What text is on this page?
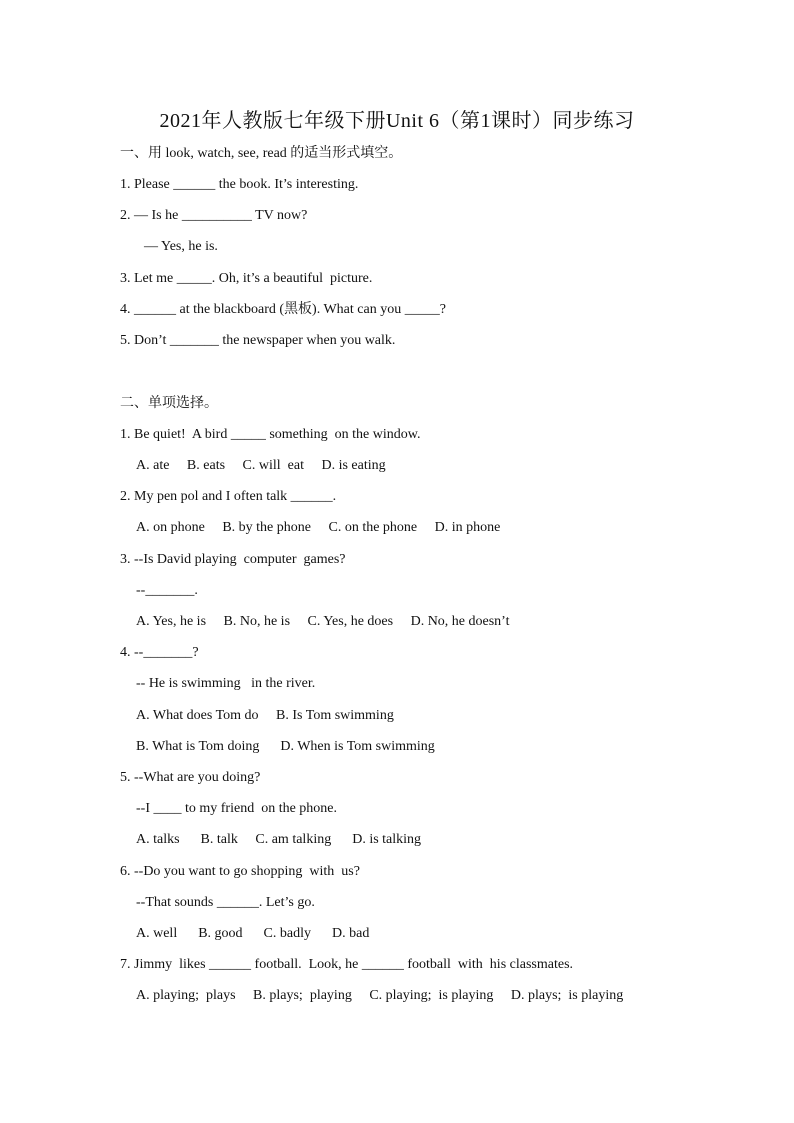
2021年人教版七年级下册Unit 6（第1课时）同步练习
一、用 look, watch, see, read 的适当形式填空。
1. Please ______ the book. It’s interesting.
2. — Is he __________ TV now?
— Yes, he is.
3. Let me _____. Oh, it’s a beautiful  picture.
4. ______ at the blackboard (黑板). What can you _____?
5. Don’t _______ the newspaper when you walk.
二、单项选择。
1. Be quiet!  A bird _____ something  on the window.
A. ate     B. eats     C. will  eat     D. is eating
2. My pen pol and I often talk ______.
A. on phone     B. by the phone     C. on the phone     D. in phone
3. --Is David playing  computer  games?
--_______.
A. Yes, he is     B. No, he is     C. Yes, he does     D. No, he doesn’t
4. --_______?
-- He is swimming   in the river.
A. What does Tom do     B. Is Tom swimming
B. What is Tom doing      D. When is Tom swimming
5. --What are you doing?
--I ____ to my friend  on the phone.
A. talks      B. talk     C. am talking      D. is talking
6. --Do you want to go shopping  with  us?
--That sounds ______. Let’s go.
A. well      B. good      C. badly      D. bad
7. Jimmy  likes ______ football.  Look, he ______ football  with  his classmates.
A. playing;  plays     B. plays;  playing     C. playing;  is playing     D. plays;  is playing
